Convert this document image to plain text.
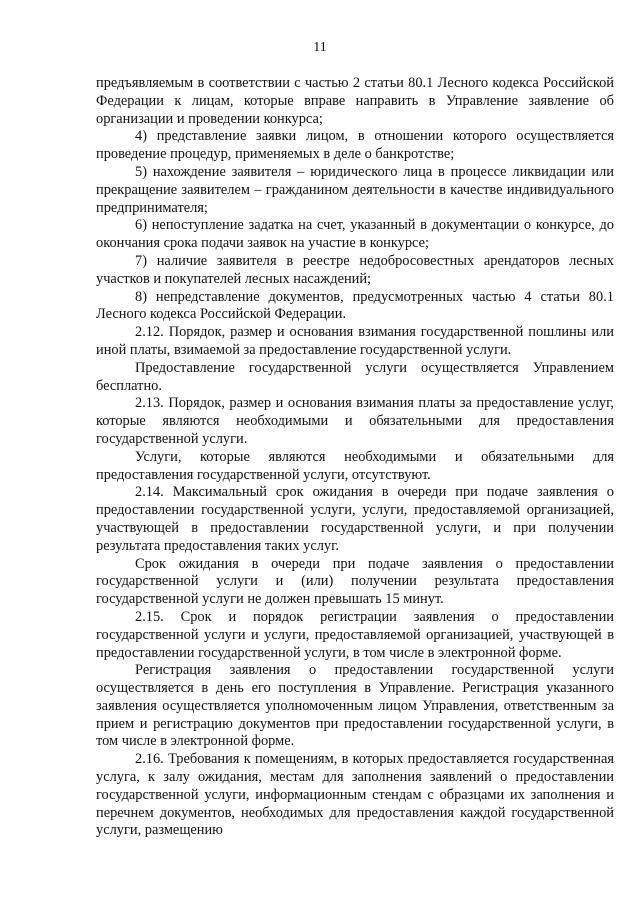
11

предъявляемым в соответствии с частью 2 статьи 80.1 Лесного кодекса Российской Федерации к лицам, которые вправе направить в Управление заявление об организации и проведении конкурса;

4) представление заявки лицом, в отношении которого осуществляется проведение процедур, применяемых в деле о банкротстве;

5) нахождение заявителя – юридического лица в процессе ликвидации или прекращение заявителем – гражданином деятельности в качестве индивидуального предпринимателя;

6) непоступление задатка на счет, указанный в документации о конкурсе, до окончания срока подачи заявок на участие в конкурсе;

7) наличие заявителя в реестре недобросовестных арендаторов лесных участков и покупателей лесных насаждений;

8) непредставление документов, предусмотренных частью 4 статьи 80.1 Лесного кодекса Российской Федерации.

2.12. Порядок, размер и основания взимания государственной пошлины или иной платы, взимаемой за предоставление государственной услуги.

Предоставление государственной услуги осуществляется Управлением бесплатно.

2.13. Порядок, размер и основания взимания платы за предоставление услуг, которые являются необходимыми и обязательными для предоставления государственной услуги.

Услуги, которые являются необходимыми и обязательными для предоставления государственной услуги, отсутствуют.

2.14. Максимальный срок ожидания в очереди при подаче заявления о предоставлении государственной услуги, услуги, предоставляемой организацией, участвующей в предоставлении государственной услуги, и при получении результата предоставления таких услуг.

Срок ожидания в очереди при подаче заявления о предоставлении государственной услуги и (или) получении результата предоставления государственной услуги не должен превышать 15 минут.

2.15. Срок и порядок регистрации заявления о предоставлении государственной услуги и услуги, предоставляемой организацией, участвующей в предоставлении государственной услуги, в том числе в электронной форме.

Регистрация заявления о предоставлении государственной услуги осуществляется в день его поступления в Управление. Регистрация указанного заявления осуществляется уполномоченным лицом Управления, ответственным за прием и регистрацию документов при предоставлении государственной услуги, в том числе в электронной форме.

2.16. Требования к помещениям, в которых предоставляется государственная услуга, к залу ожидания, местам для заполнения заявлений о предоставлении государственной услуги, информационным стендам с образцами их заполнения и перечнем документов, необходимых для предоставления каждой государственной услуги, размещению
